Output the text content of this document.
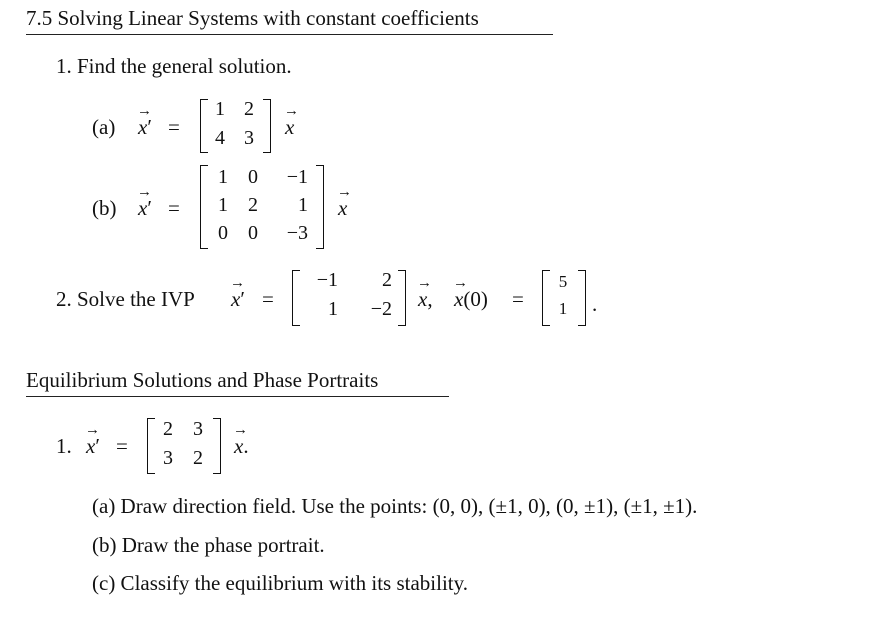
7.5 Solving Linear Systems with constant coefficients
1. Find the general solution.
(a)
→
x′ =
1 2
4 3
→
x
(b)
→
x′ =
1	0	−1
1	2	1
0	0	−3
→
x
2. Solve the IVP
→
x′ =
−1	2
1	−2
→
x,
→
x(0) =
5
1 .
Equilibrium Solutions and Phase Portraits
1.
→
x′ =
2 3
3 2
→
x.
(a) Draw direction field. Use the points: (0, 0), (±1, 0), (0, ±1), (±1, ±1).
(b) Draw the phase portrait.
(c) Classify the equilibrium with its stability.
